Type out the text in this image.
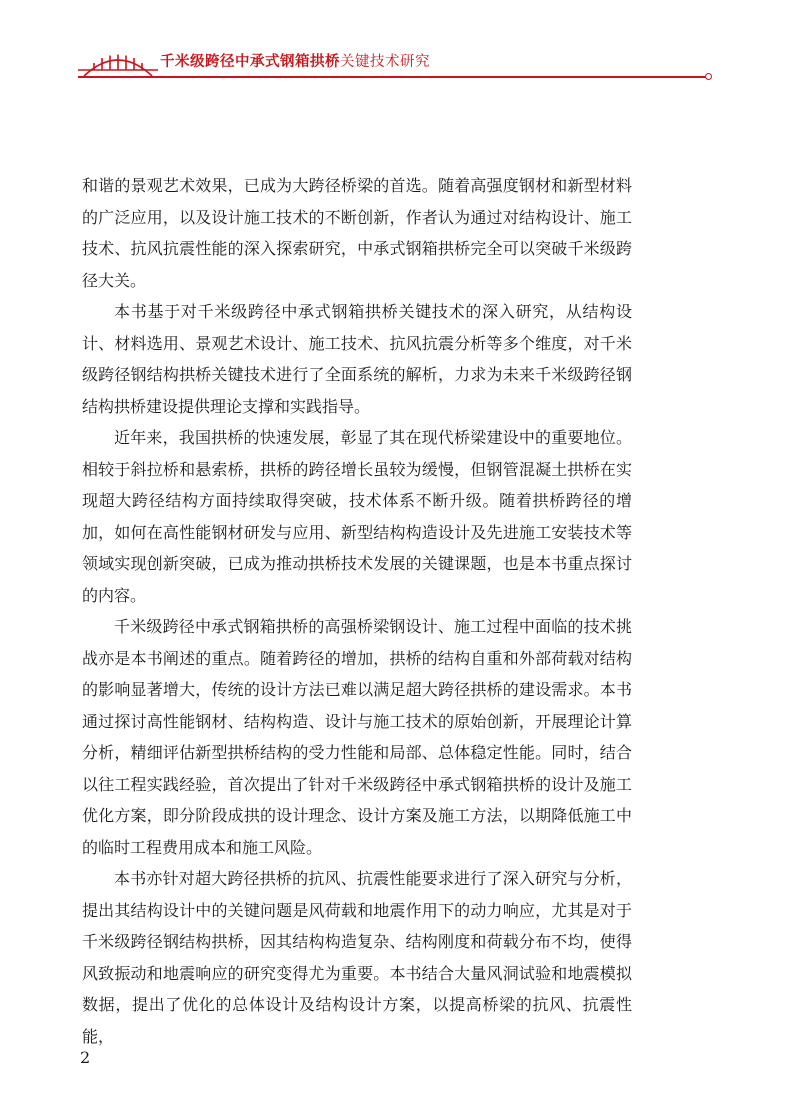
千米级跨径中承式钢箱拱桥关键技术研究

和谐的景观艺术效果，已成为大跨径桥梁的首选。随着高强度钢材和新型材料的广泛应用，以及设计施工技术的不断创新，作者认为通过对结构设计、施工技术、抗风抗震性能的深入探索研究，中承式钢箱拱桥完全可以突破千米级跨径大关。

本书基于对千米级跨径中承式钢箱拱桥关键技术的深入研究，从结构设计、材料选用、景观艺术设计、施工技术、抗风抗震分析等多个维度，对千米级跨径钢结构拱桥关键技术进行了全面系统的解析，力求为未来千米级跨径钢结构拱桥建设提供理论支撑和实践指导。

近年来，我国拱桥的快速发展，彰显了其在现代桥梁建设中的重要地位。相较于斜拉桥和悬索桥，拱桥的跨径增长虽较为缓慢，但钢管混凝土拱桥在实现超大跨径结构方面持续取得突破，技术体系不断升级。随着拱桥跨径的增加，如何在高性能钢材研发与应用、新型结构构造设计及先进施工安装技术等领域实现创新突破，已成为推动拱桥技术发展的关键课题，也是本书重点探讨的内容。

千米级跨径中承式钢箱拱桥的高强桥梁钢设计、施工过程中面临的技术挑战亦是本书阐述的重点。随着跨径的增加，拱桥的结构自重和外部荷载对结构的影响显著增大，传统的设计方法已难以满足超大跨径拱桥的建设需求。本书通过探讨高性能钢材、结构构造、设计与施工技术的原始创新，开展理论计算分析，精细评估新型拱桥结构的受力性能和局部、总体稳定性能。同时，结合以往工程实践经验，首次提出了针对千米级跨径中承式钢箱拱桥的设计及施工优化方案，即分阶段成拱的设计理念、设计方案及施工方法，以期降低施工中的临时工程费用成本和施工风险。

本书亦针对超大跨径拱桥的抗风、抗震性能要求进行了深入研究与分析，提出其结构设计中的关键问题是风荷载和地震作用下的动力响应，尤其是对于千米级跨径钢结构拱桥，因其结构构造复杂、结构刚度和荷载分布不均，使得风致振动和地震响应的研究变得尤为重要。本书结合大量风洞试验和地震模拟数据，提出了优化的总体设计及结构设计方案，以提高桥梁的抗风、抗震性能，

2
